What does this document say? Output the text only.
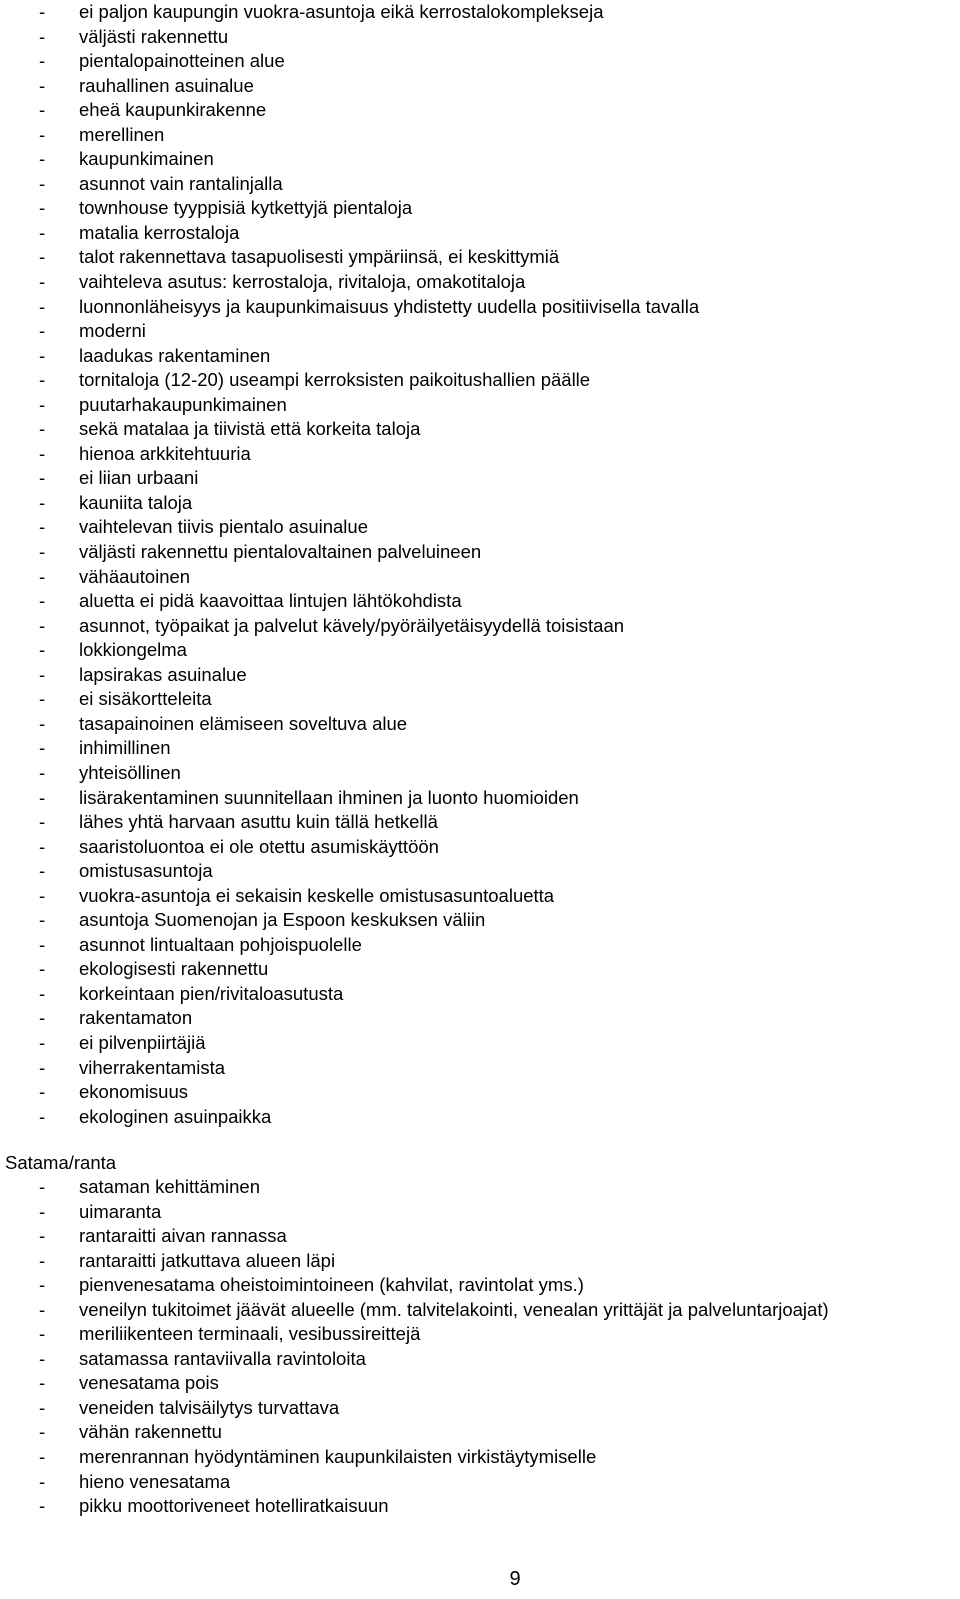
-	ei paljon kaupungin vuokra-asuntoja eikä kerrostalokomplekseja
-	väljästi rakennettu
-	pientalopainotteinen alue
-	rauhallinen asuinalue
-	eheä kaupunkirakenne
-	merellinen
-	kaupunkimainen
-	asunnot vain rantalinjalla
-	townhouse tyyppisiä kytkettyjä pientaloja
-	matalia kerrostaloja
-	talot rakennettava tasapuolisesti ympäriinsä, ei keskittymiä
-	vaihteleva asutus: kerrostaloja, rivitaloja, omakotitaloja
-	luonnonläheisyys ja kaupunkimaisuus yhdistetty uudella positiivisella tavalla
-	moderni
-	laadukas rakentaminen
-	tornitaloja (12-20) useampi kerroksisten paikoitushallien päälle
-	puutarhakaupunkimainen
-	sekä matalaa ja tiivistä että korkeita taloja
-	hienoa arkkitehtuuria
-	ei liian urbaani
-	kauniita taloja
-	vaihtelevan tiivis pientalo asuinalue
-	väljästi rakennettu pientalovaltainen palveluineen
-	vähäautoinen
-	aluetta ei pidä kaavoittaa lintujen lähtökohdista
-	asunnot, työpaikat ja palvelut kävely/pyöräilyetäisyydellä toisistaan
-	lokkiongelma
-	lapsirakas asuinalue
-	ei sisäkortteleita
-	tasapainoinen elämiseen soveltuva alue
-	inhimillinen
-	yhteisöllinen
-	lisärakentaminen suunnitellaan ihminen ja luonto huomioiden
-	lähes yhtä harvaan asuttu kuin tällä hetkellä
-	saaristoluontoa ei ole otettu asumiskäyttöön
-	omistusasuntoja
-	vuokra-asuntoja ei sekaisin keskelle omistusasuntoaluetta
-	asuntoja Suomenojan ja Espoon keskuksen väliin
-	asunnot lintualtaan pohjoispuolelle
-	ekologisesti rakennettu
-	korkeintaan pien/rivitaloasutusta
-	rakentamaton
-	ei pilvenpiirtäjiä
-	viherrakentamista
-	ekonomisuus
-	ekologinen asuinpaikka
Satama/ranta
-	sataman kehittäminen
-	uimaranta
-	rantaraitti aivan rannassa
-	rantaraitti jatkuttava alueen läpi
-	pienvenesatama oheistoimintoineen (kahvilat, ravintolat yms.)
-	veneilyn tukitoimet jäävät alueelle (mm. talvitelakointi, venealan yrittäjät ja palveluntarjoajat)
-	meriliikenteen terminaali, vesibussireittejä
-	satamassa rantaviivalla ravintoloita
-	venesatama pois
-	veneiden talvisäilytys turvattava
-	vähän rakennettu
-	merenrannan hyödyntäminen kaupunkilaisten virkistäytymiselle
-	hieno venesatama
-	pikku moottoriveneet hotelliratkaisuun
9
